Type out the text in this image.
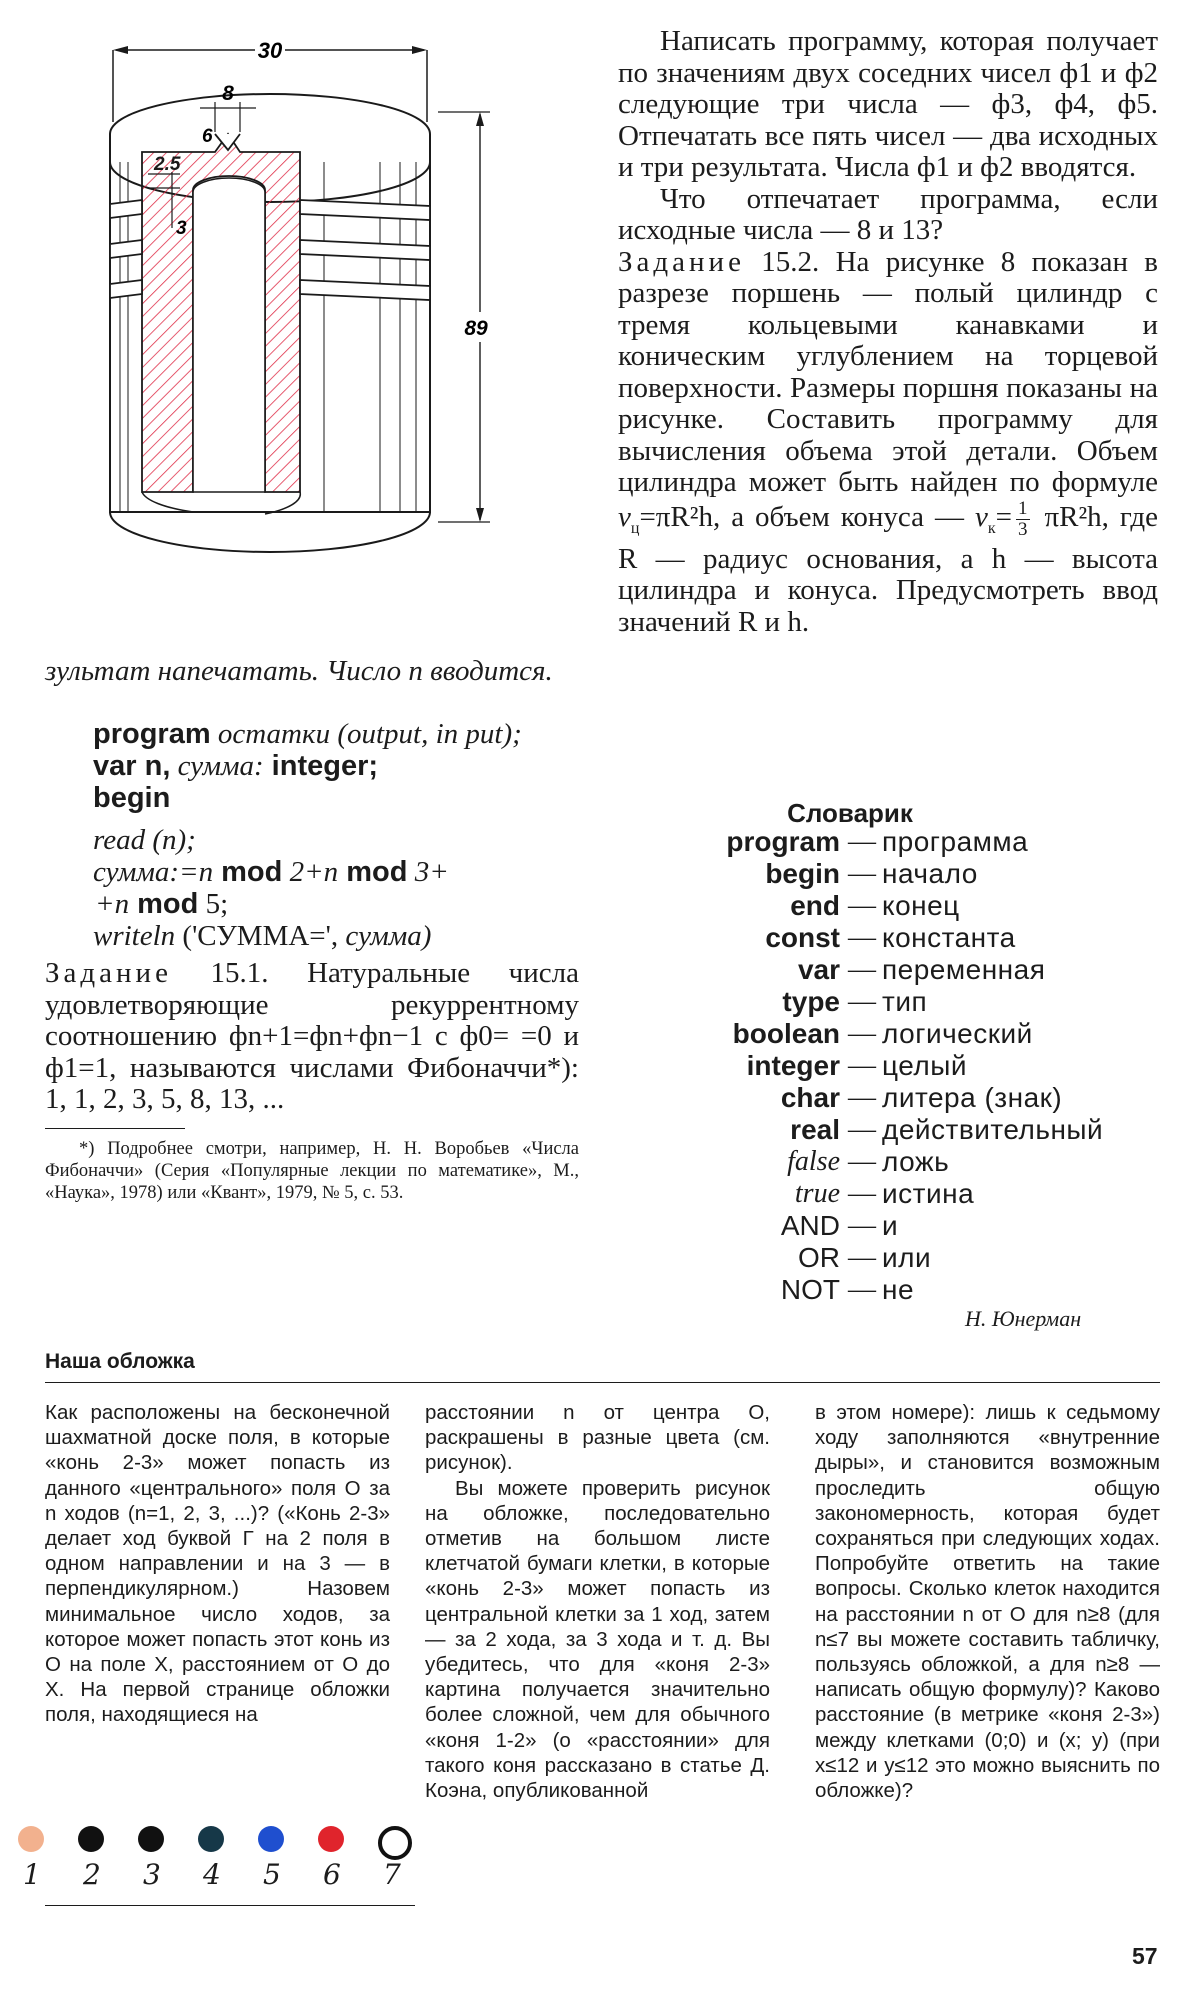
30
8
6
2.5
3
89

Написать программу, которая получает по значениям двух соседних чисел ф1 и ф2 следующие три числа — ф3, ф4, ф5. Отпечатать все пять чисел — два исходных и три результата. Числа ф1 и ф2 вводятся.

Что отпечатает программа, если исходные числа — 8 и 13?

Задание 15.2. На рисунке 8 показан в разрезе поршень — полый цилиндр с тремя кольцевыми канавками и коническим углублением на торцевой поверхности. Размеры поршня показаны на рисунке. Составить программу для вычисления объема этой детали. Объем цилиндра может быть найден по формуле $v_ц=\pi R^2h$, а объем конуса — $v_к= \frac{1}{3} \pi R^2h$, где R — радиус основания, а h — высота цилиндра и конуса. Предусмотреть ввод значений R и h.

зультат напечатать. Число n вводится.
program остатки (output, in put);
var n, сумма: integer;
begin
read (n);
сумма:=n mod 2+n mod 3+
+n mod 5;
writeln ('СУММА=', сумма)

Задание 15.1. Натуральные числа удовлетворяющие рекуррентному соотношению фn+1=фn+фn−1 с ф0= =0 и ф1=1, называются числами Фибоначчи*): 1, 1, 2, 3, 5, 8, 13, ...

*) Подробнее смотри, например, Н. Н. Воробьев «Числа Фибоначчи» (Серия «Популярные лекции по математике», М., «Наука», 1978) или «Квант», 1979, № 5, с. 53.
Словарик
program — программа
begin — начало
end — конец
const — константа
var — переменная
type — тип
boolean — логический
integer — целый
char — литера (знак)
real — действительный
false — ложь
true — истина
AND — и
OR — или
NOT — не
Н. Юнерман
Наша обложка

Как расположены на бесконечной шахматной доске поля, в которые «конь 2-3» может попасть из данного «центрального» поля O за n ходов (n=1, 2, 3, ...)? («Конь 2-3» делает ход буквой Г на 2 поля в одном направлении и на 3 — в перпендикулярном.) Назовем минимальное число ходов, за которое может попасть этот конь из O на поле X, расстоянием от O до X. На первой странице обложки поля, находящиеся на

расстоянии n от центра O, раскрашены в разные цвета (см. рисунок).

Вы можете проверить рисунок на обложке, последовательно отметив на большом листе клетчатой бумаги клетки, в которые «конь 2-3» может попасть из центральной клетки за 1 ход, затем — за 2 хода, за 3 хода и т. д. Вы убедитесь, что для «коня 2-3» картина получается значительно более сложной, чем для обычного «коня 1-2» (о «расстоянии» для такого коня рассказано в статье Д. Коэна, опубликованной

в этом номере): лишь к седьмому ходу заполняются «внутренние дыры», и становится возможным проследить общую закономерность, которая будет сохраняться при следующих ходах. Попробуйте ответить на такие вопросы. Сколько клеток находится на расстоянии n от O для n≥8 (для n≤7 вы можете составить табличку, пользуясь обложкой, а для n≥8 — написать общую формулу)? Каково расстояние (в метрике «коня 2-3») между клетками (0;0) и (x; y) (при x≤12 и y≤12 это можно выяснить по обложке)?

1 2 3 4 5 6 7
57
